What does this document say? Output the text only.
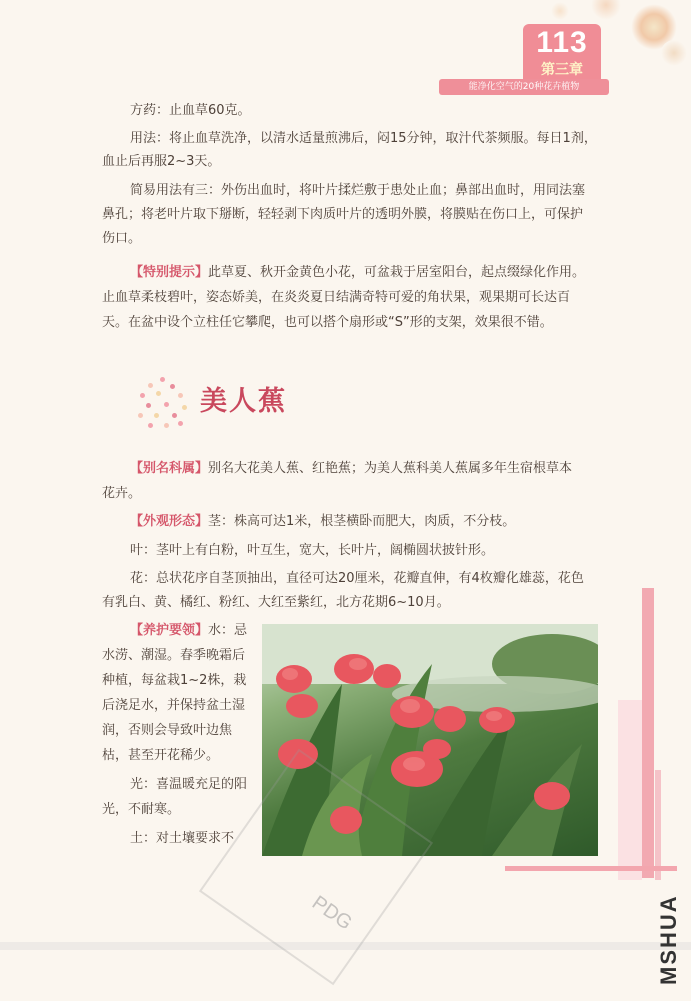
113
第三章
能净化空气的20种花卉植物
方药：止血草60克。
用法：将止血草洗净，以清水适量煎沸后，闷15分钟，取汁代茶频服。每日1剂，
血止后再服2~3天。
简易用法有三：外伤出血时，将叶片揉烂敷于患处止血；鼻部出血时，用同法塞
鼻孔；将老叶片取下掰断，轻轻剥下肉质叶片的透明外膜，将膜贴在伤口上，可保护
伤口。
【特别提示】此草夏、秋开金黄色小花，可盆栽于居室阳台，起点缀绿化作用。
止血草柔枝碧叶，姿态娇美，在炎炎夏日结满奇特可爱的角状果，观果期可长达百
天。在盆中设个立柱任它攀爬，也可以搭个扇形或“S”形的支架，效果很不错。
美人蕉
【别名科属】别名大花美人蕉、红艳蕉；为美人蕉科美人蕉属多年生宿根草本
花卉。
【外观形态】茎：株高可达1米，根茎横卧而肥大，肉质，不分枝。
叶：茎叶上有白粉，叶互生，宽大，长叶片，阔椭圆状披针形。
花：总状花序自茎顶抽出，直径可达20厘米，花瓣直伸，有4枚瓣化雄蕊，花色
有乳白、黄、橘红、粉红、大红至紫红，北方花期6~10月。
【养护要领】水：忌
水涝、潮湿。春季晚霜后
种植，每盆栽1~2株，栽
后浇足水，并保持盆土湿
润，否则会导致叶边焦
枯，甚至开花稀少。
光：喜温暖充足的阳
光，不耐寒。
土：对土壤要求不
PDG	MSHUA
